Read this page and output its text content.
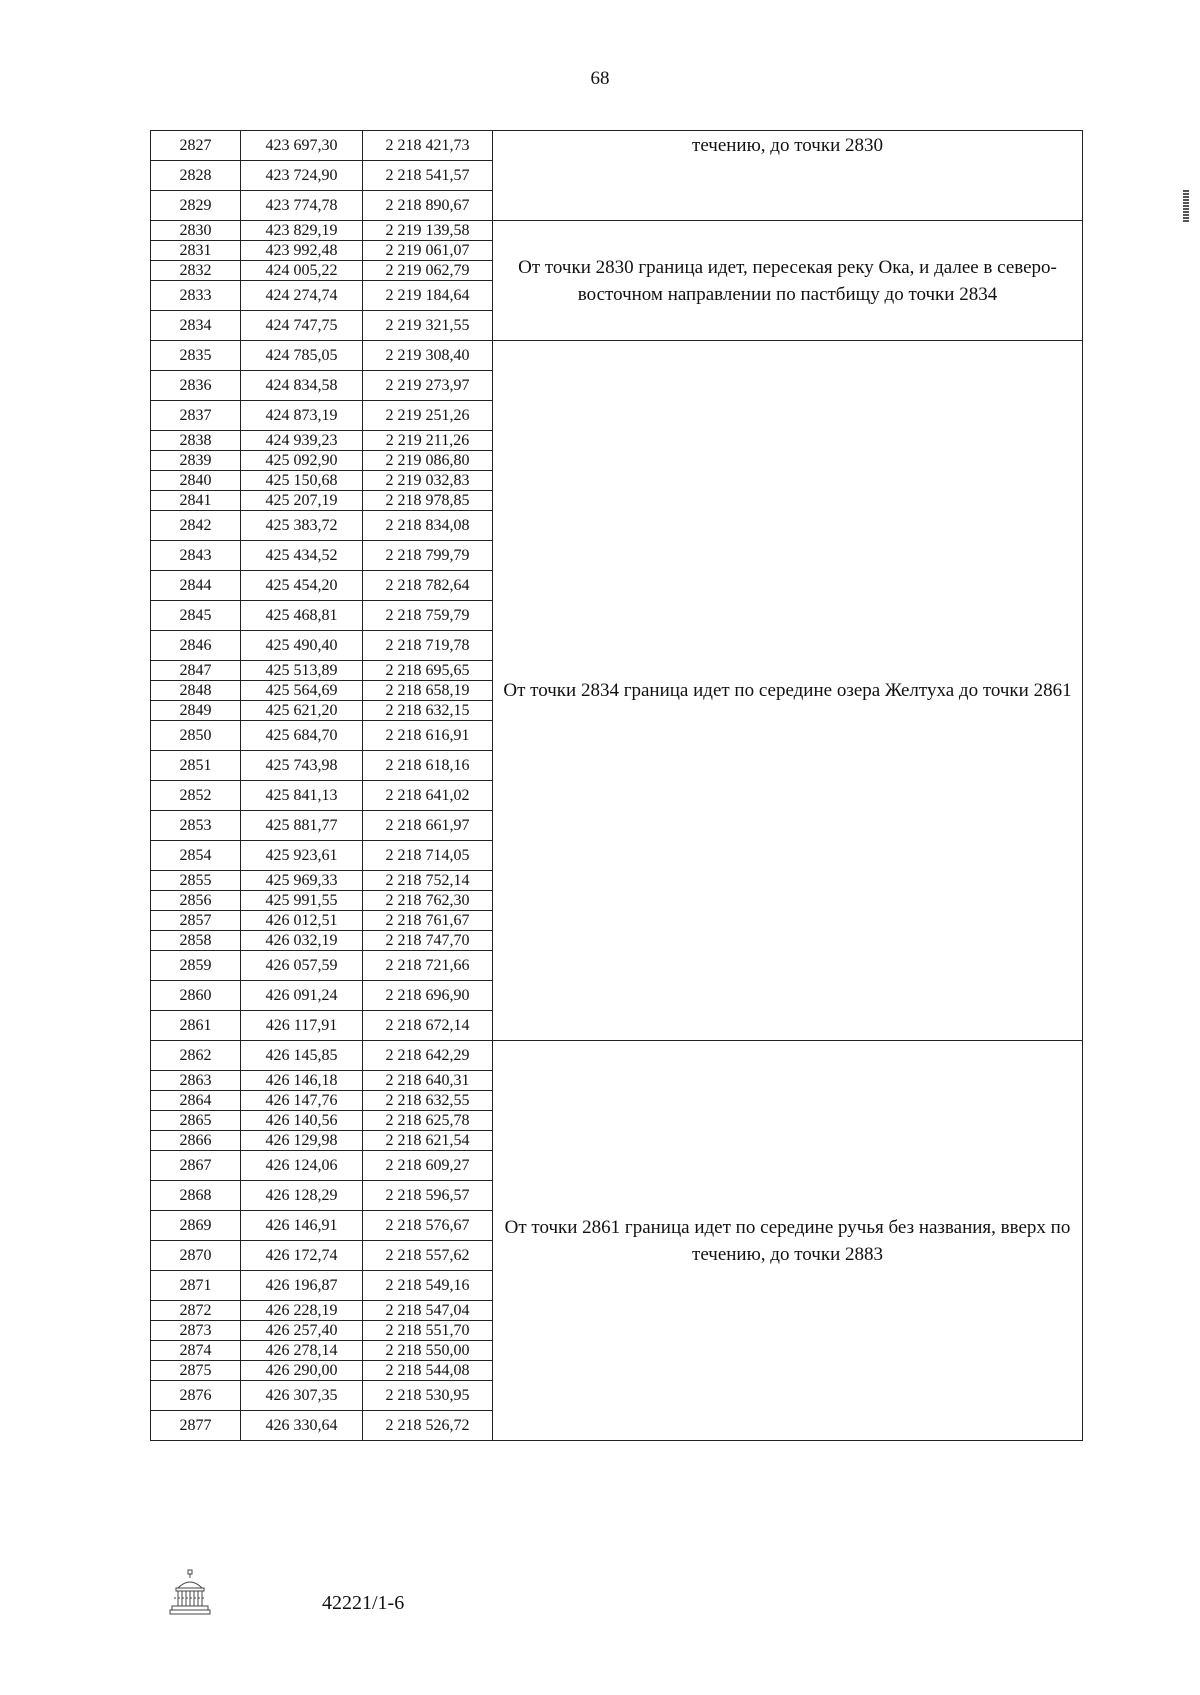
68
2827	423 697,30	2 218 421,73	течению, до точки 2830
2828	423 724,90	2 218 541,57	
2829	423 774,78	2 218 890,67	
2830	423 829,19	2 219 139,58	От точки 2830 граница идет, пересекая реку Ока, и далее в северо-восточном направлении по пастбищу до точки 2834
2831	423 992,48	2 219 061,07	
2832	424 005,22	2 219 062,79	
2833	424 274,74	2 219 184,64	
2834	424 747,75	2 219 321,55	
2835	424 785,05	2 219 308,40	От точки 2834 граница идет по середине озера Желтуха до точки 2861
2836	424 834,58	2 219 273,97	
2837	424 873,19	2 219 251,26	
2838	424 939,23	2 219 211,26	
2839	425 092,90	2 219 086,80	
2840	425 150,68	2 219 032,83	
2841	425 207,19	2 218 978,85	
2842	425 383,72	2 218 834,08	
2843	425 434,52	2 218 799,79	
2844	425 454,20	2 218 782,64	
2845	425 468,81	2 218 759,79	
2846	425 490,40	2 218 719,78	
2847	425 513,89	2 218 695,65	
2848	425 564,69	2 218 658,19	
2849	425 621,20	2 218 632,15	
2850	425 684,70	2 218 616,91	
2851	425 743,98	2 218 618,16	
2852	425 841,13	2 218 641,02	
2853	425 881,77	2 218 661,97	
2854	425 923,61	2 218 714,05	
2855	425 969,33	2 218 752,14	
2856	425 991,55	2 218 762,30	
2857	426 012,51	2 218 761,67	
2858	426 032,19	2 218 747,70	
2859	426 057,59	2 218 721,66	
2860	426 091,24	2 218 696,90	
2861	426 117,91	2 218 672,14	
2862	426 145,85	2 218 642,29	От точки 2861 граница идет по середине ручья без названия, вверх по течению, до точки 2883
2863	426 146,18	2 218 640,31	
2864	426 147,76	2 218 632,55	
2865	426 140,56	2 218 625,78	
2866	426 129,98	2 218 621,54	
2867	426 124,06	2 218 609,27	
2868	426 128,29	2 218 596,57	
2869	426 146,91	2 218 576,67	
2870	426 172,74	2 218 557,62	
2871	426 196,87	2 218 549,16	
2872	426 228,19	2 218 547,04	
2873	426 257,40	2 218 551,70	
2874	426 278,14	2 218 550,00	
2875	426 290,00	2 218 544,08	
2876	426 307,35	2 218 530,95	
2877	426 330,64	2 218 526,72	
42221/1-6
